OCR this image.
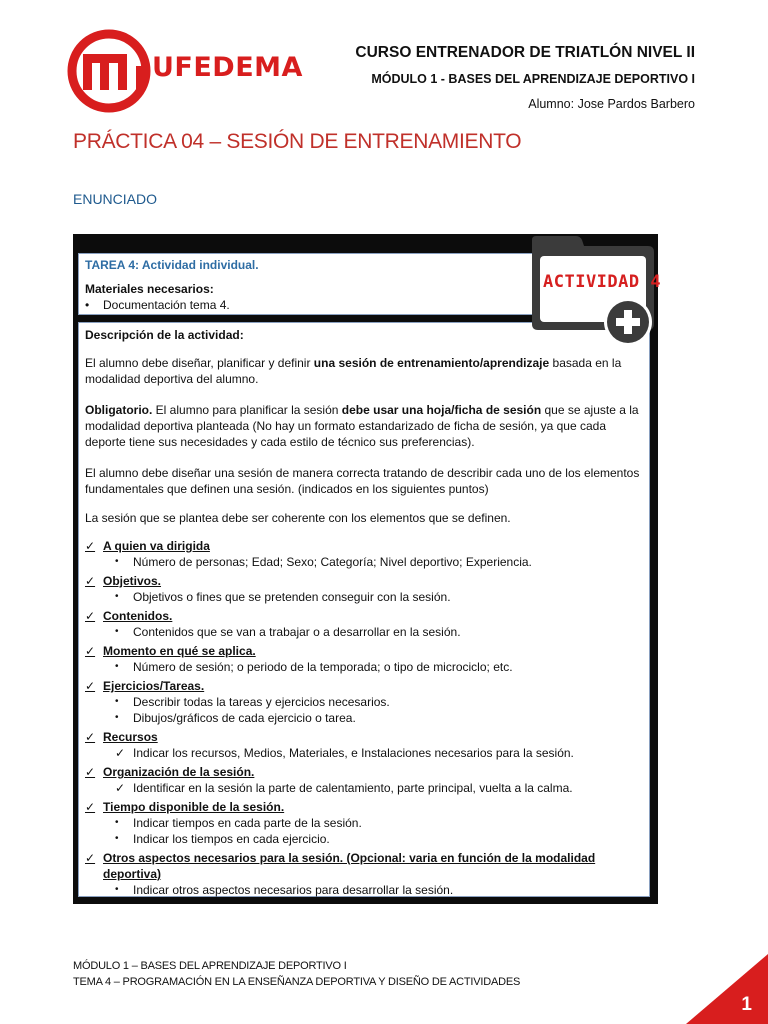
UFEDEMA	CURSO ENTRENADOR DE TRIATLÓN NIVEL II
MÓDULO 1 - BASES DEL APRENDIZAJE DEPORTIVO I
Alumno: Jose Pardos Barbero
PRÁCTICA 04 – SESIÓN DE ENTRENAMIENTO
ENUNCIADO
TAREA 4: Actividad individual.
Materiales necesarios:
• Documentación tema 4.

Descripción de la actividad:

El alumno debe diseñar, planificar y definir una sesión de entrenamiento/aprendizaje basada en la modalidad deportiva del alumno.

Obligatorio. El alumno para planificar la sesión debe usar una hoja/ficha de sesión que se ajuste a la modalidad deportiva planteada (No hay un formato estandarizado de ficha de sesión, ya que cada deporte tiene sus necesidades y cada estilo de técnico sus preferencias).

El alumno debe diseñar una sesión de manera correcta tratando de describir cada uno de los elementos fundamentales que definen una sesión. (indicados en los siguientes puntos)

La sesión que se plantea debe ser coherente con los elementos que se definen.

✓ A quien va dirigida
•	Número de personas; Edad; Sexo; Categoría; Nivel deportivo; Experiencia.
✓ Objetivos.
•	Objetivos o fines que se pretenden conseguir con la sesión.
✓ Contenidos.
•	Contenidos que se van a trabajar o a desarrollar en la sesión.
✓ Momento en qué se aplica.
•	Número de sesión; o periodo de la temporada; o tipo de microciclo; etc.
✓ Ejercicios/Tareas.
•	Describir todas la tareas y ejercicios necesarios.
•	Dibujos/gráficos de cada ejercicio o tarea.
✓ Recursos
✓ Indicar los recursos, Medios, Materiales, e Instalaciones necesarios para la sesión.
✓ Organización de la sesión.
✓ Identificar en la sesión la parte de calentamiento, parte principal, vuelta a la calma.
✓ Tiempo disponible de la sesión.
•	Indicar tiempos en cada parte de la sesión.
•	Indicar los tiempos en cada ejercicio.
✓ Otros aspectos necesarios para la sesión. (Opcional: varia en función de la modalidad deportiva)
•	Indicar otros aspectos necesarios para desarrollar la sesión.
ACTIVIDAD 4
MÓDULO 1 – BASES DEL APRENDIZAJE DEPORTIVO I
TEMA 4 – PROGRAMACIÓN EN LA ENSEÑANZA DEPORTIVA Y DISEÑO DE ACTIVIDADES
1
